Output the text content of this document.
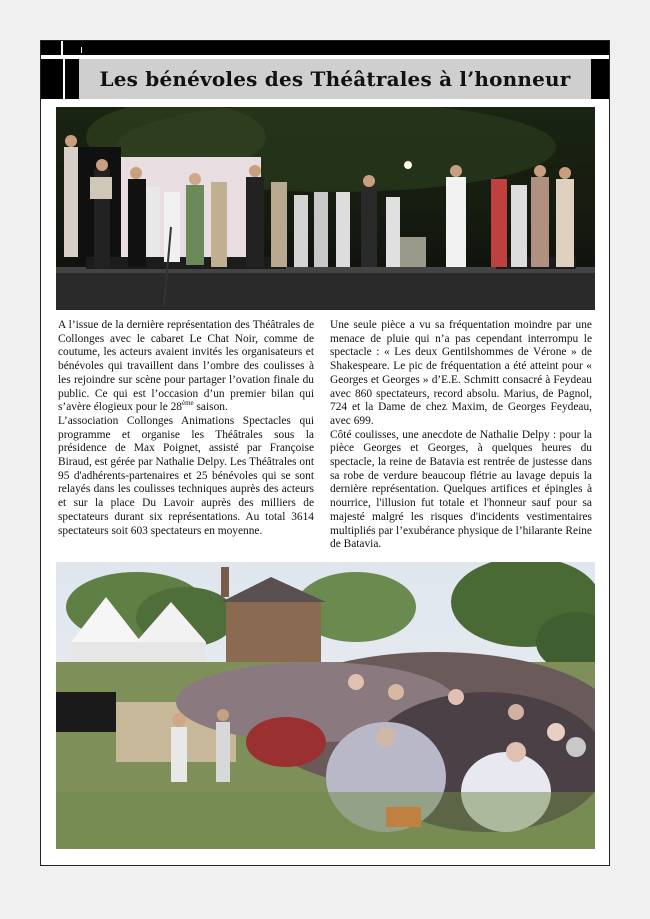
Les bénévoles des Théâtrales à l’honneur

A l’issue de la dernière représentation des Théâtrales de Collonges avec le cabaret Le Chat Noir, comme de coutume, les acteurs avaient invités les organisateurs et bénévoles qui travaillent dans l’ombre des coulisses à les rejoindre sur scène pour partager l’ovation finale du public. Ce qui est l’occasion d’un premier bilan qui s’avère élogieux pour le 28ème saison.

L’association Collonges Animations Spectacles qui programme et organise les Théâtrales sous la présidence de Max Poignet, assisté par Françoise Biraud, est gérée par Nathalie Delpy. Les Théâtrales ont 95 d'adhérents-partenaires et 25 bénévoles qui se sont relayés dans les coulisses techniques auprès des acteurs et sur la place Du Lavoir auprès des milliers de spectateurs durant six représentations. Au total 3614 spectateurs soit 603 spectateurs en moyenne.

Une seule pièce a vu sa fréquentation moindre par une menace de pluie qui n’a pas cependant interrompu le spectacle : « Les deux Gentilshommes de Vérone » de Shakespeare. Le pic de fréquentation a été atteint pour « Georges et Georges » d’E.E. Schmitt consacré à Feydeau avec 860 spectateurs, record absolu. Marius, de Pagnol, 724 et la Dame de chez Maxim, de Georges Feydeau, avec 699.

Côté coulisses, une anecdote de Nathalie Delpy : pour la pièce Georges et Georges, à quelques heures du spectacle, la reine de Batavia est rentrée de justesse dans sa robe de verdure beaucoup flétrie au lavage depuis la dernière représentation. Quelques artifices et épingles à nourrice, l'illusion fut totale et l'honneur sauf pour sa majesté malgré les risques d'incidents vestimentaires multipliés par l’exubérance physique de l’hilarante Reine de Batavia.
